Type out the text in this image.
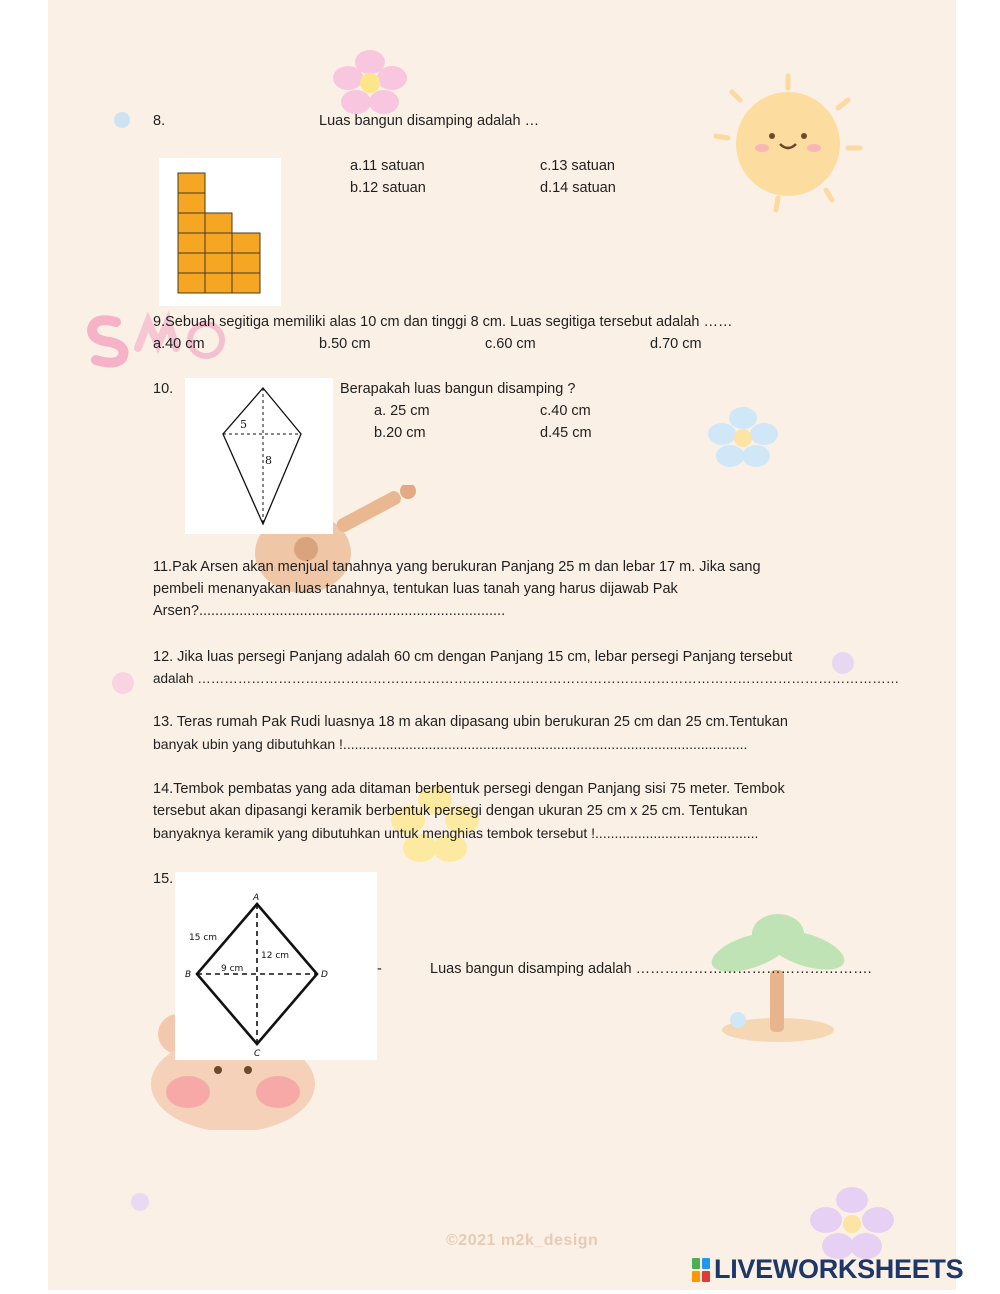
8.	Luas bangun disamping adalah …
a.11 satuan
b.12 satuan
c.13 satuan
d.14 satuan
9.Sebuah segitiga memiliki alas 10 cm dan tinggi 8 cm. Luas segitiga tersebut adalah ……
a.40 cm	b.50 cm	c.60 cm	d.70 cm
10.
5
8
Berapakah luas bangun disamping ?
a. 25 cm
b.20 cm
c.40 cm
d.45 cm
11.Pak Arsen akan menjual tanahnya yang berukuran Panjang 25 m dan lebar 17 m. Jika sang
pembeli menanyakan luas tanahnya, tentukan luas tanah yang harus dijawab Pak
Arsen?............................................................................
12. Jika luas persegi Panjang adalah 60 cm dengan Panjang 15 cm, lebar persegi Panjang tersebut
adalah …………………………………………………………………………………………………………………………………………
13. Teras rumah Pak Rudi luasnya 18 m akan dipasang ubin berukuran 25 cm dan 25 cm.Tentukan
banyak ubin yang dibutuhkan !........................................................................................................
14.Tembok pembatas yang ada ditaman berbentuk persegi dengan Panjang sisi 75 meter. Tembok
tersebut akan dipasangi keramik berbentuk persegi dengan ukuran 25 cm x 25 cm. Tentukan
banyaknya keramik yang dibutuhkan untuk menghias tembok tersebut !..........................................
15.
A
B
C
D
15 cm
12 cm
9 cm	-	Luas bangun disamping adalah ………………………………………….
©2021 m2k_design
LIVEWORKSHEETS
